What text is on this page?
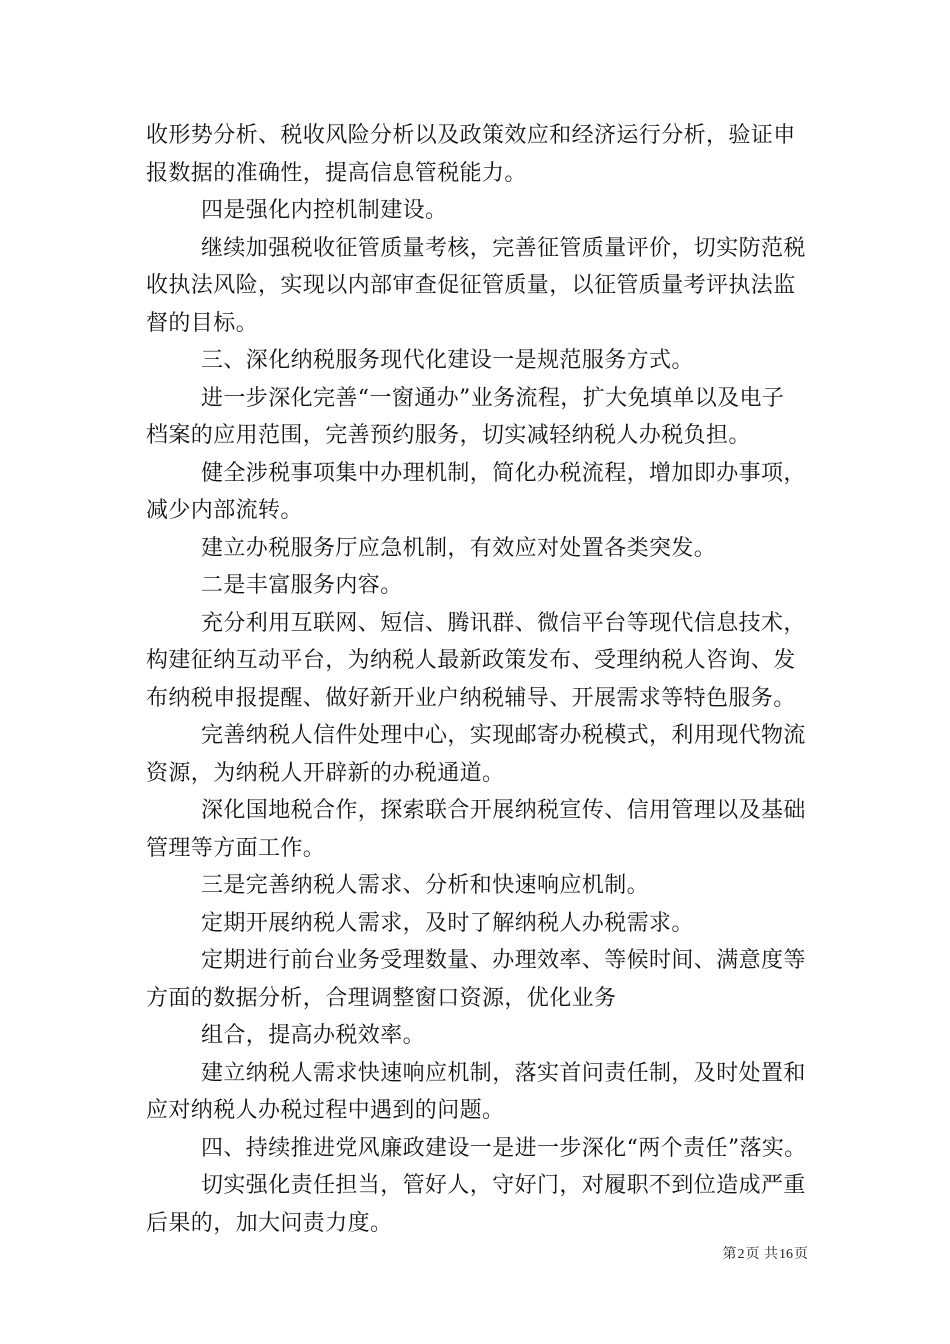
收形势分析、税收风险分析以及政策效应和经济运行分析，验证申
报数据的准确性，提高信息管税能力。
四是强化内控机制建设。
继续加强税收征管质量考核，完善征管质量评价，切实防范税
收执法风险，实现以内部审查促征管质量，以征管质量考评执法监
督的目标。
三、深化纳税服务现代化建设一是规范服务方式。
进一步深化完善“一窗通办”业务流程，扩大免填单以及电子
档案的应用范围，完善预约服务，切实减轻纳税人办税负担。
健全涉税事项集中办理机制，简化办税流程，增加即办事项，
减少内部流转。
建立办税服务厅应急机制，有效应对处置各类突发。
二是丰富服务内容。
充分利用互联网、短信、腾讯群、微信平台等现代信息技术，
构建征纳互动平台，为纳税人最新政策发布、受理纳税人咨询、发
布纳税申报提醒、做好新开业户纳税辅导、开展需求等特色服务。
完善纳税人信件处理中心，实现邮寄办税模式，利用现代物流
资源，为纳税人开辟新的办税通道。
深化国地税合作，探索联合开展纳税宣传、信用管理以及基础
管理等方面工作。
三是完善纳税人需求、分析和快速响应机制。
定期开展纳税人需求，及时了解纳税人办税需求。
定期进行前台业务受理数量、办理效率、等候时间、满意度等
方面的数据分析，合理调整窗口资源，优化业务
组合，提高办税效率。
建立纳税人需求快速响应机制，落实首问责任制，及时处置和
应对纳税人办税过程中遇到的问题。
四、持续推进党风廉政建设一是进一步深化“两个责任”落实。
切实强化责任担当，管好人，守好门，对履职不到位造成严重
后果的，加大问责力度。
第2页 共16页
